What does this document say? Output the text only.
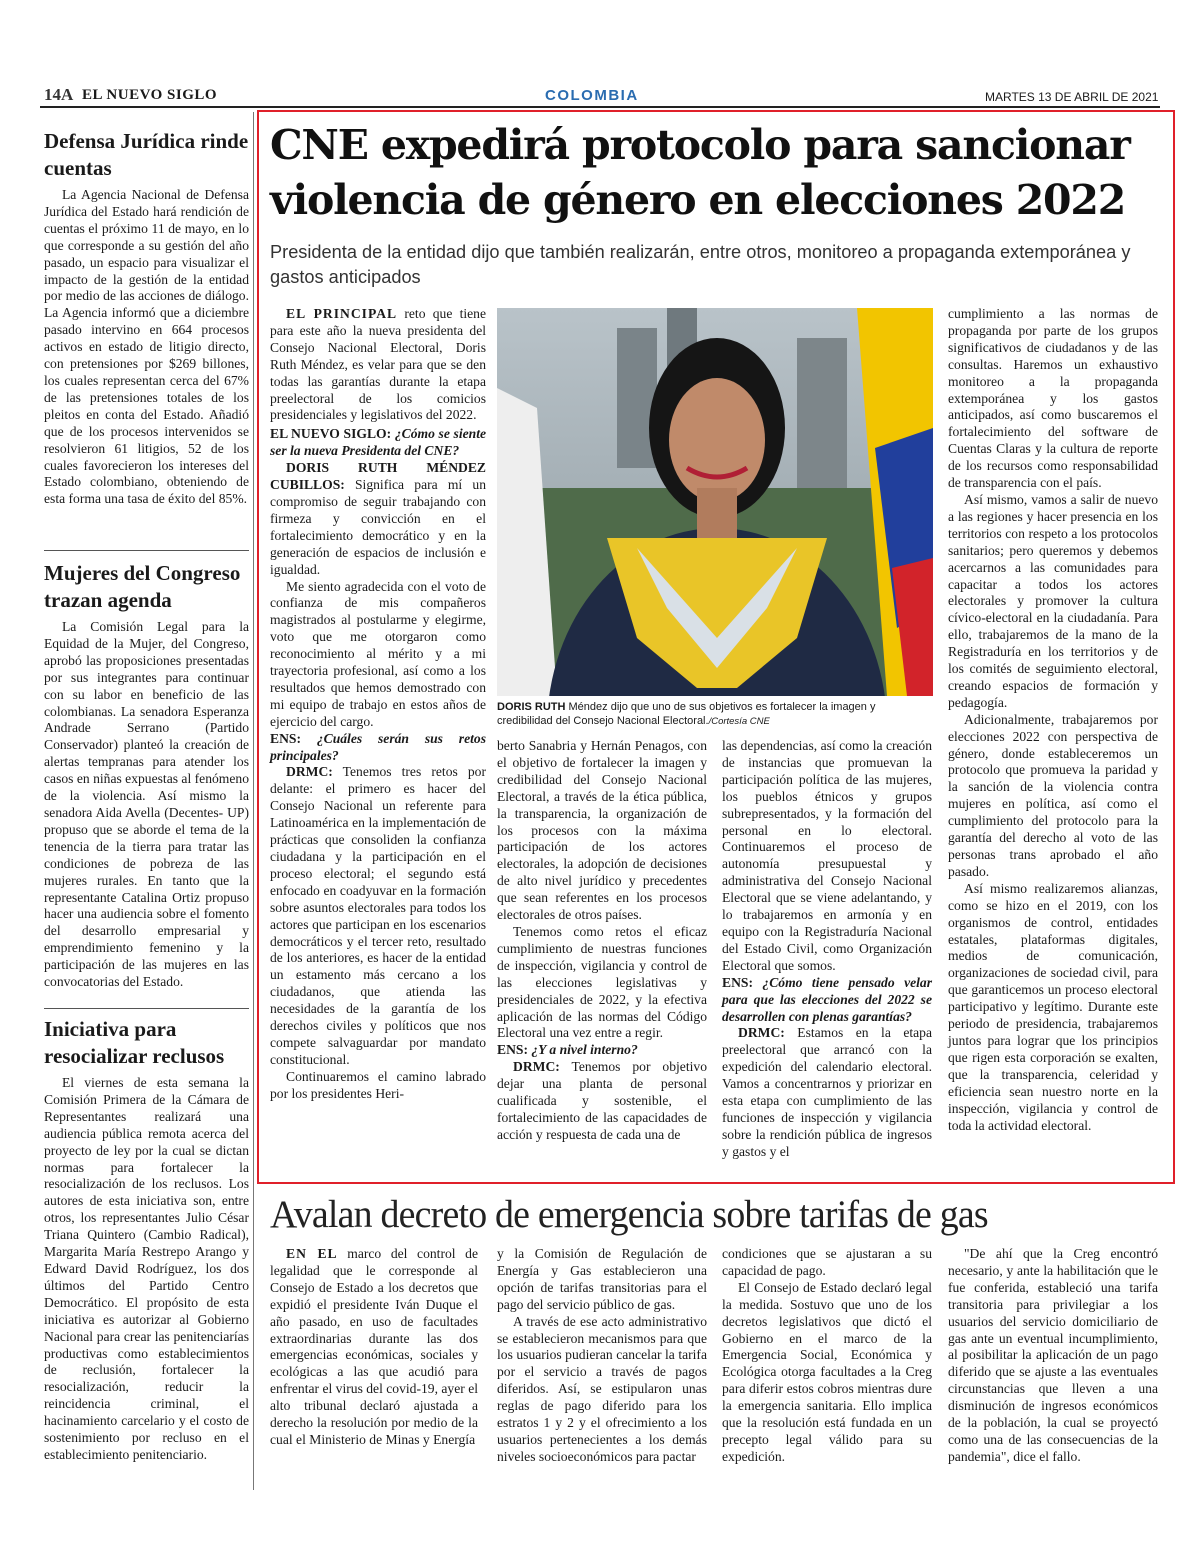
14A EL NUEVO SIGLO	COLOMBIA	MARTES 13 DE ABRIL DE 2021
Defensa Jurídica rinde cuentas

La Agencia Nacional de Defensa Jurídica del Estado hará rendición de cuentas el próximo 11 de mayo, en lo que corresponde a su gestión del año pasado, un espacio para visualizar el impacto de la gestión de la entidad por medio de las acciones de diálogo. La Agencia informó que a diciembre pasado intervino en 664 procesos activos en estado de litigio directo, con pretensiones por $269 billones, los cuales representan cerca del 67% de las pretensiones totales de los pleitos en conta del Estado. Añadió que de los procesos intervenidos se resolvieron 61 litigios, 52 de los cuales favorecieron los intereses del Estado colombiano, obteniendo de esta forma una tasa de éxito del 85%.

Mujeres del Congreso trazan agenda

La Comisión Legal para la Equidad de la Mujer, del Congreso, aprobó las proposiciones presentadas por sus integrantes para continuar con su labor en beneficio de las colombianas. La senadora Esperanza Andrade Serrano (Partido Conservador) planteó la creación de alertas tempranas para atender los casos en niñas expuestas al fenómeno de la violencia. Así mismo la senadora Aida Avella (Decentes- UP) propuso que se aborde el tema de la tenencia de la tierra para tratar las condiciones de pobreza de las mujeres rurales. En tanto que la representante Catalina Ortiz propuso hacer una audiencia sobre el fomento del desarrollo empresarial y emprendimiento femenino y la participación de las mujeres en las convocatorias del Estado.

Iniciativa para resocializar reclusos

El viernes de esta semana la Comisión Primera de la Cámara de Representantes realizará una audiencia pública remota acerca del proyecto de ley por la cual se dictan normas para fortalecer la resocialización de los reclusos. Los autores de esta iniciativa son, entre otros, los representantes Julio César Triana Quintero (Cambio Radical), Margarita María Restrepo Arango y Edward David Rodríguez, los dos últimos del Partido Centro Democrático. El propósito de esta iniciativa es autorizar al Gobierno Nacional para crear las penitenciarías productivas como establecimientos de reclusión, fortalecer la resocialización, reducir la reincidencia criminal, el hacinamiento carcelario y el costo de sostenimiento por recluso en el establecimiento penitenciario.

CNE expedirá protocolo para sancionar violencia de género en elecciones 2022
Presidenta de la entidad dijo que también realizarán, entre otros, monitoreo a propaganda extemporánea y gastos anticipados

EL PRINCIPAL reto que tiene para este año la nueva presidenta del Consejo Nacional Electoral, Doris Ruth Méndez, es velar para que se den todas las garantías durante la etapa preelectoral de los comicios presidenciales y legislativos del 2022.

EL NUEVO SIGLO: ¿Cómo se siente ser la nueva Presidenta del CNE?

DORIS RUTH MÉNDEZ CUBILLOS: Significa para mí un compromiso de seguir trabajando con firmeza y convicción en el fortalecimiento democrático y en la generación de espacios de inclusión e igualdad.

Me siento agradecida con el voto de confianza de mis compañeros magistrados al postularme y elegirme, voto que me otorgaron como reconocimiento al mérito y a mi trayectoria profesional, así como a los resultados que hemos demostrado con mi equipo de trabajo en estos años de ejercicio del cargo.

ENS: ¿Cuáles serán sus retos principales?

DRMC: Tenemos tres retos por delante: el primero es hacer del Consejo Nacional un referente para Latinoamérica en la implementación de prácticas que consoliden la confianza ciudadana y la participación en el proceso electoral; el segundo está enfocado en coadyuvar en la formación sobre asuntos electorales para todos los actores que participan en los escenarios democráticos y el tercer reto, resultado de los anteriores, es hacer de la entidad un estamento más cercano a los ciudadanos, que atienda las necesidades de la garantía de los derechos civiles y políticos que nos compete salvaguardar por mandato constitucional.

Continuaremos el camino labrado por los presidentes Heri-

DORIS RUTH Méndez dijo que uno de sus objetivos es fortalecer la imagen y credibilidad del Consejo Nacional Electoral./Cortesía CNE

berto Sanabria y Hernán Penagos, con el objetivo de fortalecer la imagen y credibilidad del Consejo Nacional Electoral, a través de la ética pública, la transparencia, la organización de los procesos con la máxima participación de los actores electorales, la adopción de decisiones de alto nivel jurídico y precedentes que sean referentes en los procesos electorales de otros países.

Tenemos como retos el eficaz cumplimiento de nuestras funciones de inspección, vigilancia y control de las elecciones legislativas y presidenciales de 2022, y la efectiva aplicación de las normas del Código Electoral una vez entre a regir.

ENS: ¿Y a nivel interno?

DRMC: Tenemos por objetivo dejar una planta de personal cualificada y sostenible, el fortalecimiento de las capacidades de acción y respuesta de cada una de

las dependencias, así como la creación de instancias que promuevan la participación política de las mujeres, los pueblos étnicos y grupos subrepresentados, y la formación del personal en lo electoral. Continuaremos el proceso de autonomía presupuestal y administrativa del Consejo Nacional Electoral que se viene adelantando, y lo trabajaremos en armonía y en equipo con la Registraduría Nacional del Estado Civil, como Organización Electoral que somos.

ENS: ¿Cómo tiene pensado velar para que las elecciones del 2022 se desarrollen con plenas garantías?

DRMC: Estamos en la etapa preelectoral que arrancó con la expedición del calendario electoral. Vamos a concentrarnos y priorizar en esta etapa con cumplimiento de las funciones de inspección y vigilancia sobre la rendición pública de ingresos y gastos y el

cumplimiento a las normas de propaganda por parte de los grupos significativos de ciudadanos y de las consultas. Haremos un exhaustivo monitoreo a la propaganda extemporánea y los gastos anticipados, así como buscaremos el fortalecimiento del software de Cuentas Claras y la cultura de reporte de los recursos como responsabilidad de transparencia con el país.

Así mismo, vamos a salir de nuevo a las regiones y hacer presencia en los territorios con respeto a los protocolos sanitarios; pero queremos y debemos acercarnos a las comunidades para capacitar a todos los actores electorales y promover la cultura cívico-electoral en la ciudadanía. Para ello, trabajaremos de la mano de la Registraduría en los territorios y de los comités de seguimiento electoral, creando espacios de formación y pedagogía.

Adicionalmente, trabajaremos por elecciones 2022 con perspectiva de género, donde estableceremos un protocolo que promueva la paridad y la sanción de la violencia contra mujeres en política, así como el cumplimiento del protocolo para la garantía del derecho al voto de las personas trans aprobado el año pasado.

Así mismo realizaremos alianzas, como se hizo en el 2019, con los organismos de control, entidades estatales, plataformas digitales, medios de comunicación, organizaciones de sociedad civil, para que garanticemos un proceso electoral participativo y legítimo. Durante este periodo de presidencia, trabajaremos juntos para lograr que los principios que rigen esta corporación se exalten, que la transparencia, celeridad y eficiencia sean nuestro norte en la inspección, vigilancia y control de toda la actividad electoral.

Avalan decreto de emergencia sobre tarifas de gas

EN EL marco del control de legalidad que le corresponde al Consejo de Estado a los decretos que expidió el presidente Iván Duque el año pasado, en uso de facultades extraordinarias durante las dos emergencias económicas, sociales y ecológicas a las que acudió para enfrentar el virus del covid-19, ayer el alto tribunal declaró ajustada a derecho la resolución por medio de la cual el Ministerio de Minas y Energía

y la Comisión de Regulación de Energía y Gas establecieron una opción de tarifas transitorias para el pago del servicio público de gas.

A través de ese acto administrativo se establecieron mecanismos para que los usuarios pudieran cancelar la tarifa por el servicio a través de pagos diferidos. Así, se estipularon unas reglas de pago diferido para los estratos 1 y 2 y el ofrecimiento a los usuarios pertenecientes a los demás niveles socioeconómicos para pactar

condiciones que se ajustaran a su capacidad de pago.

El Consejo de Estado declaró legal la medida. Sostuvo que uno de los decretos legislativos que dictó el Gobierno en el marco de la Emergencia Social, Económica y Ecológica otorga facultades a la Creg para diferir estos cobros mientras dure la emergencia sanitaria. Ello implica que la resolución está fundada en un precepto legal válido para su expedición.

"De ahí que la Creg encontró necesario, y ante la habilitación que le fue conferida, estableció una tarifa transitoria para privilegiar a los usuarios del servicio domiciliario de gas ante un eventual incumplimiento, al posibilitar la aplicación de un pago diferido que se ajuste a las eventuales circunstancias que lleven a una disminución de ingresos económicos de la población, la cual se proyectó como una de las consecuencias de la pandemia", dice el fallo.
